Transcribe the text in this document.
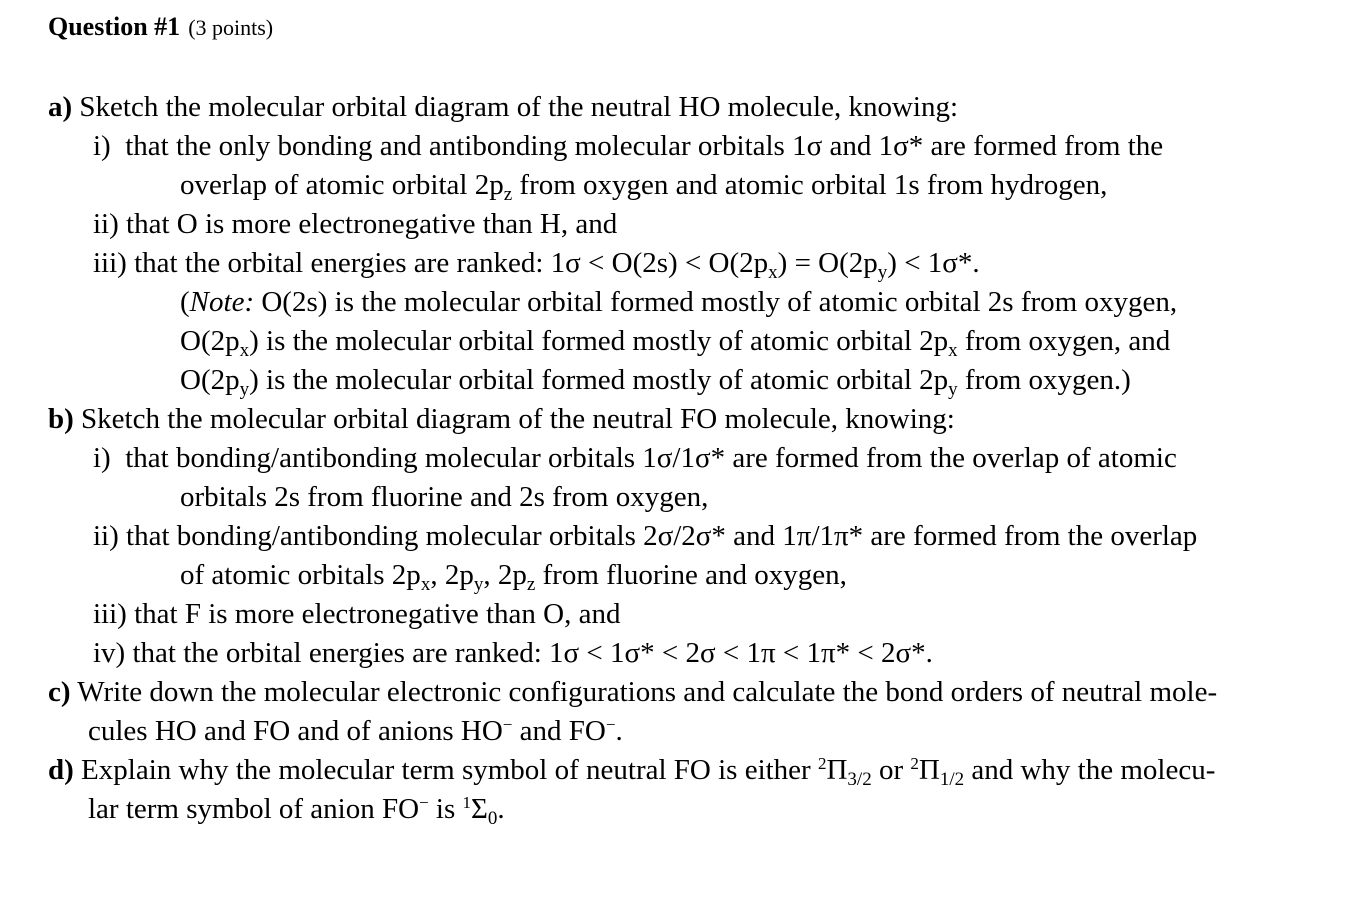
Question #1 (3 points)
a) Sketch the molecular orbital diagram of the neutral HO molecule, knowing:
i) that the only bonding and antibonding molecular orbitals 1σ and 1σ* are formed from the
overlap of atomic orbital $2p_z$ from oxygen and atomic orbital 1s from hydrogen,
ii) that O is more electronegative than H, and
iii) that the orbital energies are ranked: $1\sigma < O(2s) < O(2p_x) = O(2p_y) < 1\sigma*$.
(Note: O(2s) is the molecular orbital formed mostly of atomic orbital 2s from oxygen,
$O(2p_x)$ is the molecular orbital formed mostly of atomic orbital $2p_x$ from oxygen, and
$O(2p_y)$ is the molecular orbital formed mostly of atomic orbital $2p_y$ from oxygen.)
b) Sketch the molecular orbital diagram of the neutral FO molecule, knowing:
i) that bonding/antibonding molecular orbitals 1σ/1σ* are formed from the overlap of atomic
orbitals 2s from fluorine and 2s from oxygen,
ii) that bonding/antibonding molecular orbitals 2σ/2σ* and 1π/1π* are formed from the overlap
of atomic orbitals $2p_x$, $2p_y$, $2p_z$ from fluorine and oxygen,
iii) that F is more electronegative than O, and
iv) that the orbital energies are ranked: 1σ < 1σ* < 2σ < 1π < 1π* < 2σ*.
c) Write down the molecular electronic configurations and calculate the bond orders of neutral mole-
cules HO and FO and of anions HO− and FO−.
d) Explain why the molecular term symbol of neutral FO is either $^2\Pi_{3/2}$ or $^2\Pi_{1/2}$ and why the molecu-
lar term symbol of anion FO− is $^1\Sigma_0$.
